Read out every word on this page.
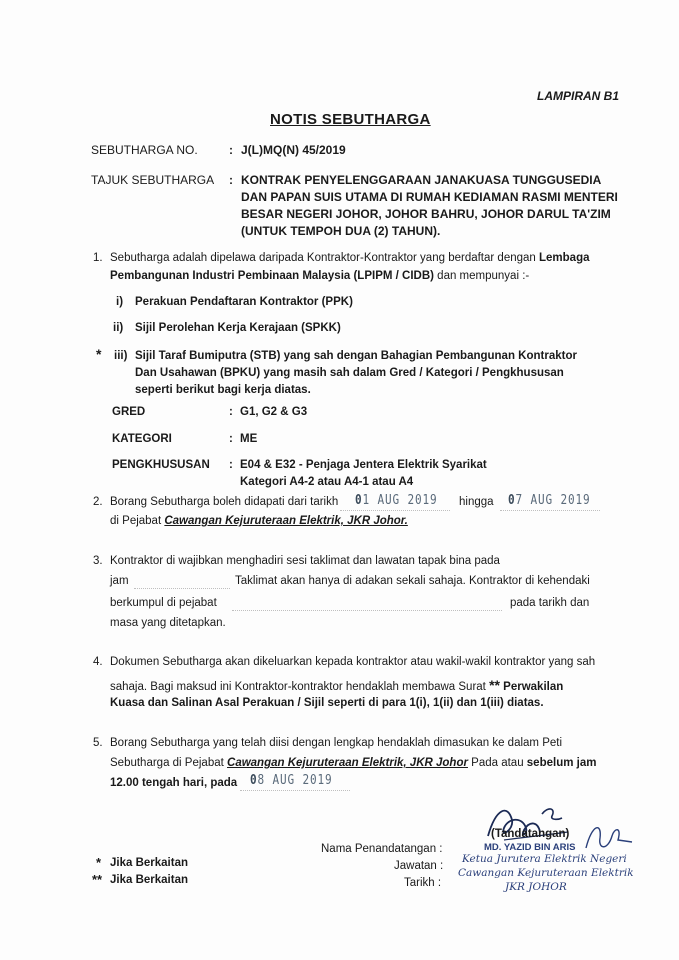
LAMPIRAN B1
NOTIS SEBUTHARGA
SEBUTHARGA NO.	: J(L)MQ(N) 45/2019
TAJUK SEBUTHARGA : KONTRAK PENYELENGGARAAN JANAKUASA TUNGGUSEDIA
DAN PAPAN SUIS UTAMA DI RUMAH KEDIAMAN RASMI MENTERI
BESAR NEGERI JOHOR, JOHOR BAHRU, JOHOR DARUL TA'ZIM
(UNTUK TEMPOH DUA (2) TAHUN).
1. Sebutharga adalah dipelawa daripada Kontraktor-Kontraktor yang berdaftar dengan Lembaga
Pembangunan Industri Pembinaan Malaysia (LPIPM / CIDB) dan mempunyai :-
i) Perakuan Pendaftaran Kontraktor (PPK)
ii) Sijil Perolehan Kerja Kerajaan (SPKK)
* iii) Sijil Taraf Bumiputra (STB) yang sah dengan Bahagian Pembangunan Kontraktor
Dan Usahawan (BPKU) yang masih sah dalam Gred / Kategori / Pengkhususan
seperti berikut bagi kerja diatas.
GRED	: G1, G2 & G3
KATEGORI	: ME
PENGKHUSUSAN : E04 & E32 - Penjaga Jentera Elektrik Syarikat
Kategori A4-2 atau A4-1 atau A4
2. Borang Sebutharga boleh didapati dari tarikh 01 AUG 2019 hingga 07 AUG 2019
di Pejabat Cawangan Kejuruteraan Elektrik, JKR Johor.
3. Kontraktor di wajibkan menghadiri sesi taklimat dan lawatan tapak bina pada
jam	Taklimat akan hanya di adakan sekali sahaja. Kontraktor di kehendaki
berkumpul di pejabat	pada tarikh dan
masa yang ditetapkan.
4. Dokumen Sebutharga akan dikeluarkan kepada kontraktor atau wakil-wakil kontraktor yang sah
sahaja. Bagi maksud ini Kontraktor-kontraktor hendaklah membawa Surat ** Perwakilan
Kuasa dan Salinan Asal Perakuan / Sijil seperti di para 1(i), 1(ii) dan 1(iii) diatas.
5. Borang Sebutharga yang telah diisi dengan lengkap hendaklah dimasukan ke dalam Peti
Sebutharga di Pejabat Cawangan Kejuruteraan Elektrik, JKR Johor Pada atau sebelum jam
12.00 tengah hari, pada 08 AUG 2019
(Tandatangan)
Nama Penandatangan :
Jawatan :
Tarikh :
MD. YAZID BIN ARIS
Ketua Jurutera Elektrik Negeri
Cawangan Kejuruteraan Elektrik
JKR JOHOR
* Jika Berkaitan
** Jika Berkaitan
